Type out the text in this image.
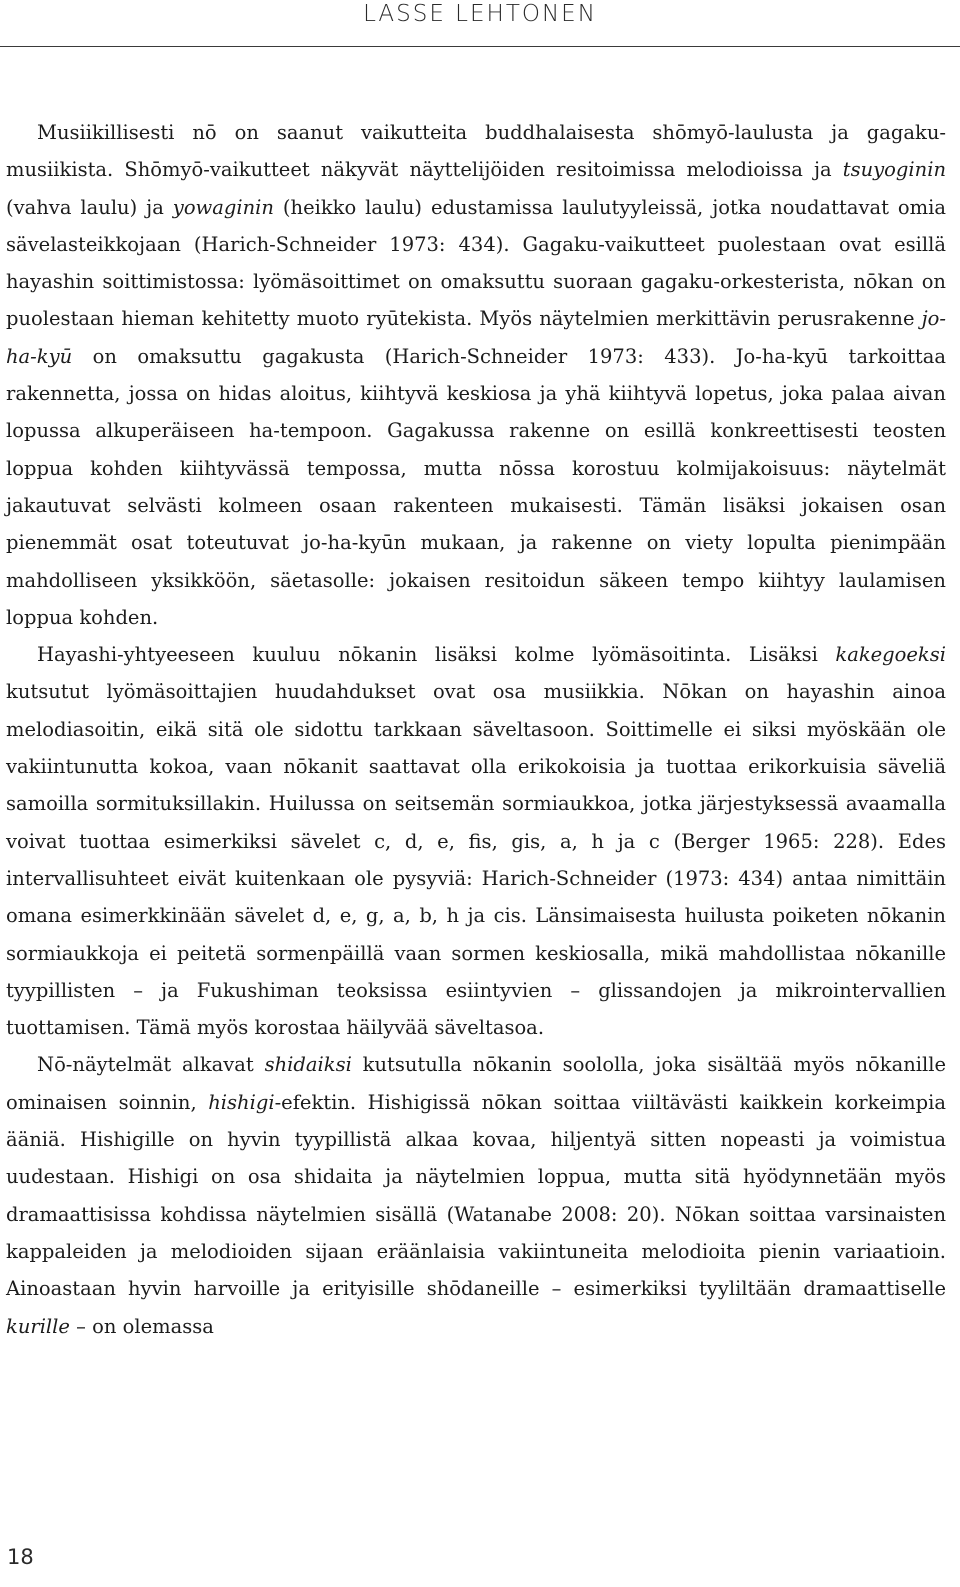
LASSE LEHTONEN

Musiikillisesti nō on saanut vaikutteita buddhalaisesta shōmyō-laulusta ja gagaku-musiikista. Shōmyō-vaikutteet näkyvät näyttelijöiden resitoimissa melodioissa ja tsuyoginin (vahva laulu) ja yowaginin (heikko laulu) edustamissa laulutyyleissä, jotka noudattavat omia sävelasteikkojaan (Harich-Schneider 1973: 434). Gagaku-vaikutteet puolestaan ovat esillä hayashin soittimistossa: lyömäsoittimet on omaksuttu suoraan gagaku-orkesterista, nōkan on puolestaan hieman kehitetty muoto ryūtekista. Myös näytelmien merkittävin perusrakenne jo-ha-kyū on omaksuttu gagakusta (Harich-Schneider 1973: 433). Jo-ha-kyū tarkoittaa rakennetta, jossa on hidas aloitus, kiihtyvä keskiosa ja yhä kiihtyvä lopetus, joka palaa aivan lopussa alkuperäiseen ha-tempoon. Gagakussa rakenne on esillä konkreettisesti teosten loppua kohden kiihtyvässä tempossa, mutta nōssa korostuu kolmijakoisuus: näytelmät jakautuvat selvästi kolmeen osaan rakenteen mukaisesti. Tämän lisäksi jokaisen osan pienemmät osat toteutuvat jo-ha-kyūn mukaan, ja rakenne on viety lopulta pienimpään mahdolliseen yksikköön, säetasolle: jokaisen resitoidun säkeen tempo kiihtyy laulamisen loppua kohden.

Hayashi-yhtyeeseen kuuluu nōkanin lisäksi kolme lyömäsoitinta. Lisäksi kakegoeksi kutsutut lyömäsoittajien huudahdukset ovat osa musiikkia. Nōkan on hayashin ainoa melodiasoitin, eikä sitä ole sidottu tarkkaan säveltasoon. Soittimelle ei siksi myöskään ole vakiintunutta kokoa, vaan nōkanit saattavat olla erikokoisia ja tuottaa erikorkuisia säveliä samoilla sormituksillakin. Huilussa on seitsemän sormiaukkoa, jotka järjestyksessä avaamalla voivat tuottaa esimerkiksi sävelet c, d, e, fis, gis, a, h ja c (Berger 1965: 228). Edes intervallisuhteet eivät kuitenkaan ole pysyviä: Harich-Schneider (1973: 434) antaa nimittäin omana esimerkkinään sävelet d, e, g, a, b, h ja cis. Länsimaisesta huilusta poiketen nōkanin sormiaukkoja ei peitetä sormenpäillä vaan sormen keskiosalla, mikä mahdollistaa nōkanille tyypillisten – ja Fukushiman teoksissa esiintyvien – glissandojen ja mikrointervallien tuottamisen. Tämä myös korostaa häilyvää säveltasoa.

Nō-näytelmät alkavat shidaiksi kutsutulla nōkanin soololla, joka sisältää myös nōkanille ominaisen soinnin, hishigi-efektin. Hishigissä nōkan soittaa viiltävästi kaikkein korkeimpia ääniä. Hishigille on hyvin tyypillistä alkaa kovaa, hiljentyä sitten nopeasti ja voimistua uudestaan. Hishigi on osa shidaita ja näytelmien loppua, mutta sitä hyödynnetään myös dramaattisissa kohdissa näytelmien sisällä (Watanabe 2008: 20). Nōkan soittaa varsinaisten kappaleiden ja melodioiden sijaan eräänlaisia vakiintuneita melodioita pienin variaatioin. Ainoastaan hyvin harvoille ja erityisille shōdaneille – esimerkiksi tyyliltään dramaattiselle kurille – on olemassa

18
